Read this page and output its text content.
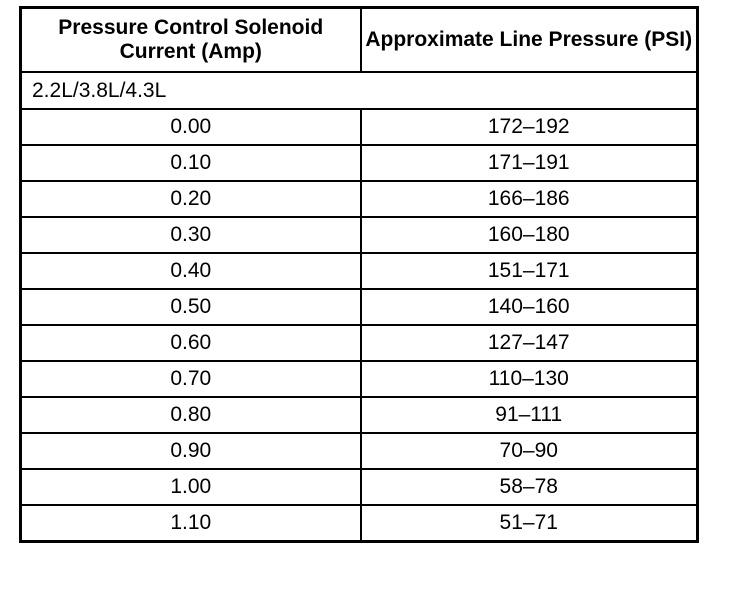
Pressure Control Solenoid Current (Amp)	Approximate Line Pressure (PSI)
2.2L/3.8L/4.3L	
0.00	172–192
0.10	171–191
0.20	166–186
0.30	160–180
0.40	151–171
0.50	140–160
0.60	127–147
0.70	110–130
0.80	91–111
0.90	70–90
1.00	58–78
1.10	51–71
